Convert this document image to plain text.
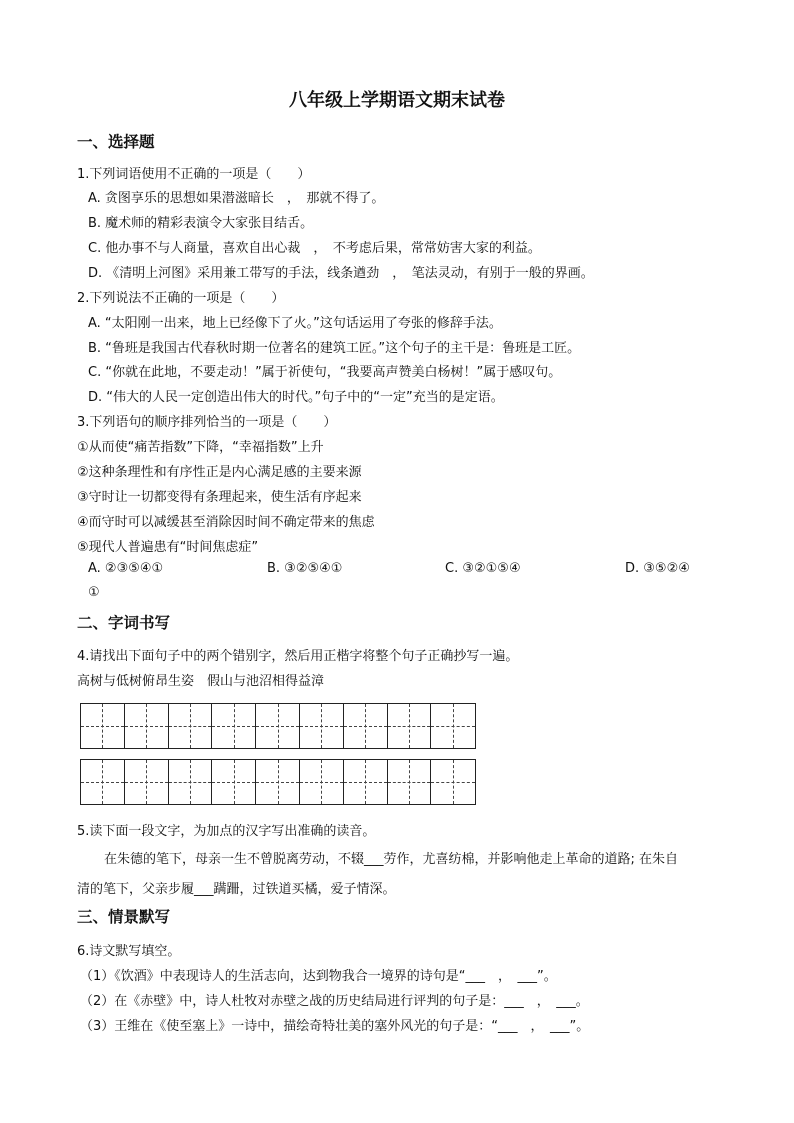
八年级上学期语文期末试卷
一、选择题
1.下列词语使用不正确的一项是（　　）
A. 贪图享乐的思想如果潜滋暗长　，　那就不得了。
B. 魔术师的精彩表演令大家张目结舌。
C. 他办事不与人商量，喜欢自出心裁　，　不考虑后果，常常妨害大家的利益。
D. 《清明上河图》采用兼工带写的手法，线条遒劲　，　笔法灵动，有别于一般的界画。
2.下列说法不正确的一项是（　　）
A. “太阳刚一出来，地上已经像下了火。”这句话运用了夸张的修辞手法。
B. “鲁班是我国古代春秋时期一位著名的建筑工匠。”这个句子的主干是：鲁班是工匠。
C. “你就在此地，不要走动！”属于祈使句，“我要高声赞美白杨树！”属于感叹句。
D. “伟大的人民一定创造出伟大的时代。”句子中的“一定”充当的是定语。
3.下列语句的顺序排列恰当的一项是（　　）
①从而使“痛苦指数”下降，“幸福指数”上升
②这种条理性和有序性正是内心满足感的主要来源
③守时让一切都变得有条理起来，使生活有序起来
④而守时可以减缓甚至消除因时间不确定带来的焦虑
⑤现代人普遍患有“时间焦虑症”
A. ②③⑤④①	B. ③②⑤④①	C. ③②①⑤④	D. ③⑤②④
①
二、字词书写
4.请找出下面句子中的两个错别字，然后用正楷字将整个句子正确抄写一遍。
高树与低树俯昂生姿　假山与池沼相得益漳
5.读下面一段文字，为加点的汉字写出准确的读音。
在朱德的笔下，母亲一生不曾脱离劳动，不辍___劳作，尤喜纺棉，并影响他走上革命的道路; 在朱自
清的笔下，父亲步履___蹒跚，过铁道买橘，爱子情深。
三、情景默写
6.诗文默写填空。
（1）《饮酒》中表现诗人的生活志向，达到物我合一境界的诗句是“___　，　___”。
（2）在《赤壁》中，诗人杜牧对赤壁之战的历史结局进行评判的句子是：___　，　___。
（3）王维在《使至塞上》一诗中，描绘奇特壮美的塞外风光的句子是：“___　，　___”。
